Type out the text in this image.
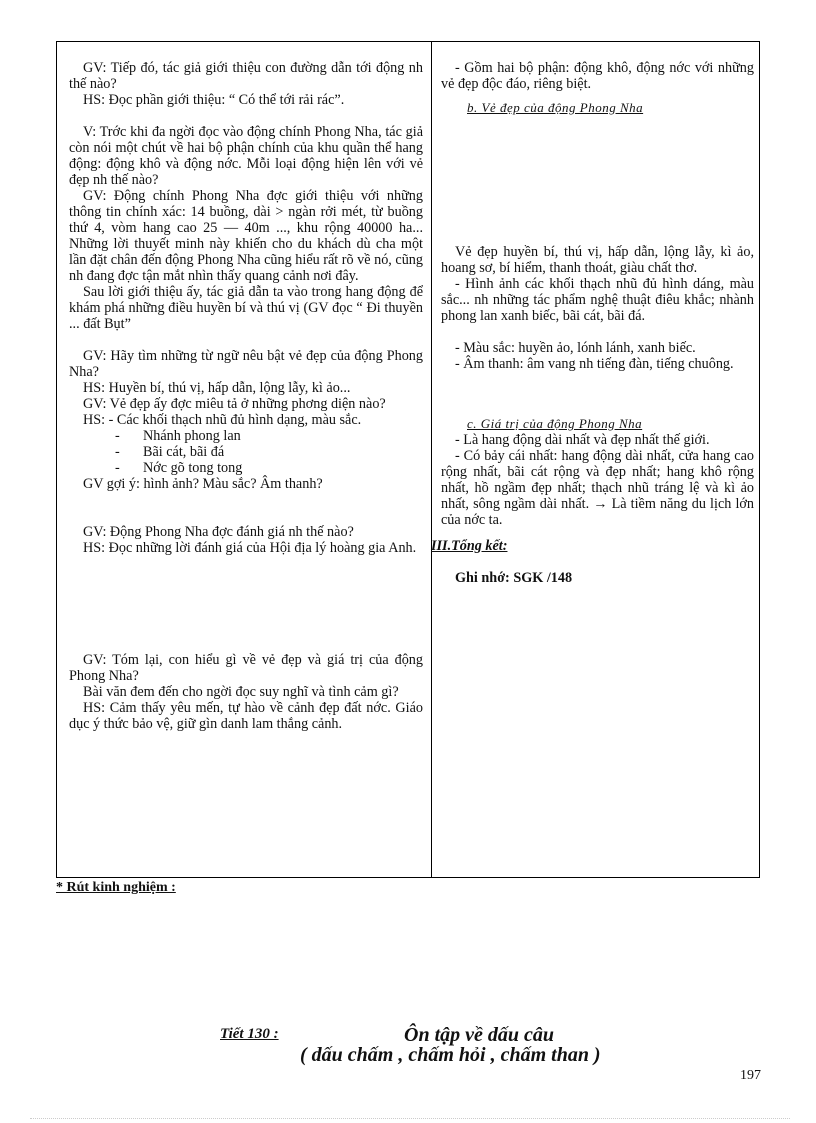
GV: Tiếp đó, tác giả giới thiệu con đường dẫn tới động nh thế nào?

HS: Đọc phần giới thiệu: “ Có thể tới rải rác”.

V: Trớc khi đa ngời đọc vào động chính Phong Nha, tác giả còn nói một chút về hai bộ phận chính của khu quần thể hang động: động khô và động nớc. Mỗi loại động hiện lên với vẻ đẹp nh thế nào?

GV: Động chính Phong Nha đợc giới thiệu với những thông tin chính xác: 14 buồng, dài > ngàn rởi mét, từ buồng thứ 4, vòm hang cao 25 — 40m ..., khu rộng 40000 ha... Những lời thuyết minh này khiến cho du khách dù cha một lần đặt chân đến động Phong Nha cũng hiểu rất rõ về nó, cũng nh đang đợc tận mắt nhìn thấy quang cảnh nơi đây.

Sau lời giới thiệu ấy, tác giả dẫn ta vào trong hang động để khám phá những điều huyền bí và thú vị (GV đọc “ Đi thuyền ... đất Bụt”

GV: Hãy tìm những từ ngữ nêu bật vẻ đẹp của động Phong Nha?

HS: Huyền bí, thú vị, hấp dẫn, lộng lẫy, kì ảo...

GV: Vẻ đẹp ấy đợc miêu tả ở những phơng diện nào?

HS: - Các khối thạch nhũ đủ hình dạng, màu sắc.

- Nhánh phong lan

- Bãi cát, bãi đá

- Nớc gõ tong tong

GV gợi ý: hình ảnh? Màu sắc? Âm thanh?

GV: Động Phong Nha đợc đánh giá nh thế nào?

HS: Đọc những lời đánh giá của Hội địa lý hoàng gia Anh.

GV: Tóm lại, con hiểu gì về vẻ đẹp và giá trị của động Phong Nha?

Bài văn đem đến cho ngời đọc suy nghĩ và tình cảm gì?

HS: Cảm thấy yêu mến, tự hào về cảnh đẹp đất nớc. Giáo dục ý thức bảo vệ, giữ gìn danh lam thắng cảnh.

- Gồm hai bộ phận: động khô, động nớc với những vẻ đẹp độc đáo, riêng biệt.

b. Vẻ đẹp của động Phong Nha

Vẻ đẹp huyền bí, thú vị, hấp dẫn, lộng lẫy, kì ảo, hoang sơ, bí hiểm, thanh thoát, giàu chất thơ.

- Hình ảnh các khối thạch nhũ đủ hình dáng, màu sắc... nh những tác phẩm nghệ thuật điêu khắc; nhành phong lan xanh biếc, bãi cát, bãi đá.

- Màu sắc: huyền ảo, lónh lánh, xanh biếc.

- Âm thanh: âm vang nh tiếng đàn, tiếng chuông.

c. Giá trị của động Phong Nha

- Là hang động dài nhất và đẹp nhất thế giới.

- Có bảy cái nhất: hang động dài nhất, cửa hang cao rộng nhất, bãi cát rộng và đẹp nhất; hang khô rộng nhất, hồ ngầm đẹp nhất; thạch nhũ tráng lệ và kì ảo nhất, sông ngầm dài nhất. → Là tiềm năng du lịch lớn của nớc ta.

III.Tổng kết:

Ghi nhớ: SGK /148

* Rút kinh nghiệm :
Tiết 130 :	Ôn tập về dấu câu
( dấu chấm , chấm hỏi , chấm than )
197
